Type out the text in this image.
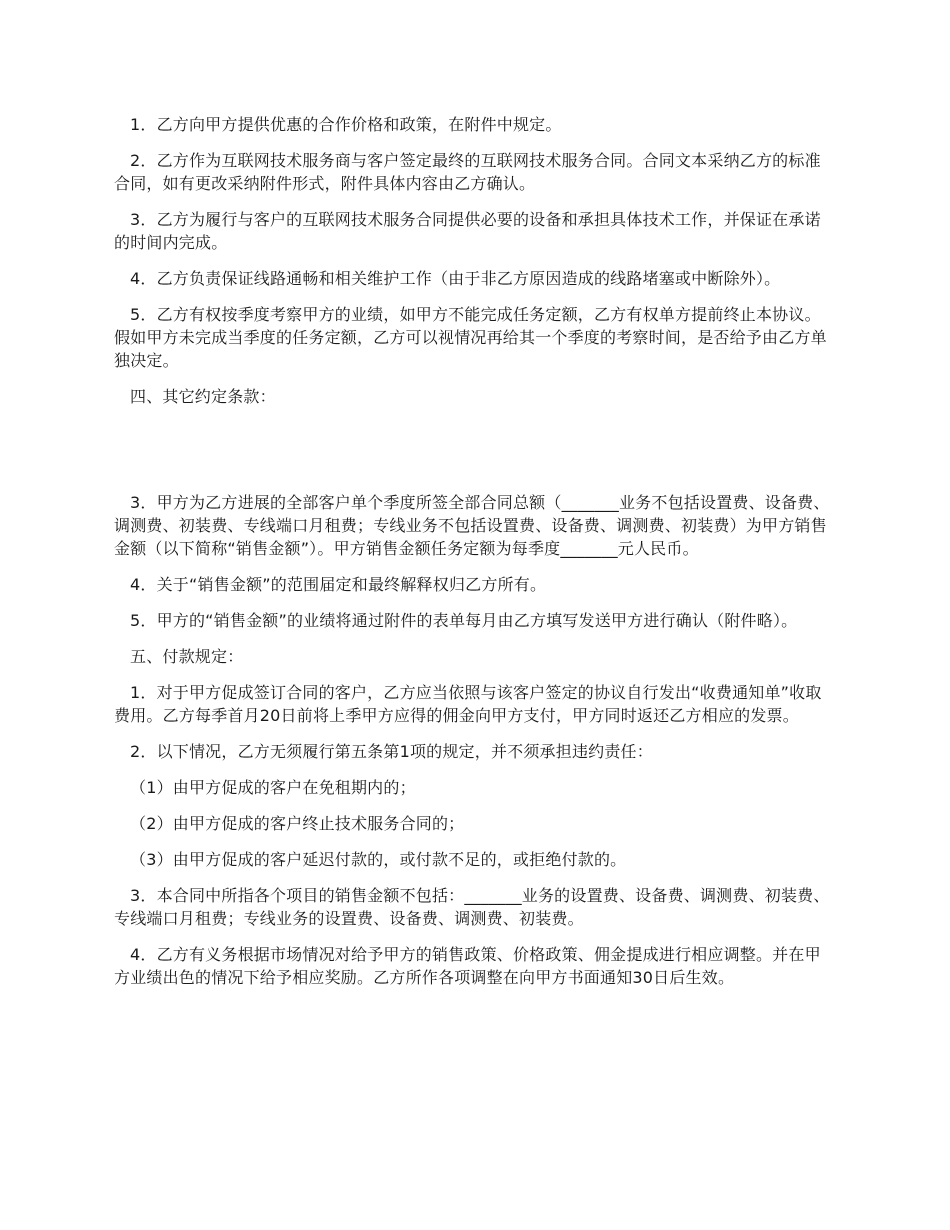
1．乙方向甲方提供优惠的合作价格和政策，在附件中规定。

2．乙方作为互联网技术服务商与客户签定最终的互联网技术服务合同。合同文本采纳乙方的标准合同，如有更改采纳附件形式，附件具体内容由乙方确认。

3．乙方为履行与客户的互联网技术服务合同提供必要的设备和承担具体技术工作，并保证在承诺的时间内完成。

4．乙方负责保证线路通畅和相关维护工作（由于非乙方原因造成的线路堵塞或中断除外）。

5．乙方有权按季度考察甲方的业绩，如甲方不能完成任务定额，乙方有权单方提前终止本协议。假如甲方未完成当季度的任务定额，乙方可以视情况再给其一个季度的考察时间，是否给予由乙方单独决定。

四、其它约定条款：

3．甲方为乙方进展的全部客户单个季度所签全部合同总额（_______业务不包括设置费、设备费、调测费、初装费、专线端口月租费；专线业务不包括设置费、设备费、调测费、初装费）为甲方销售金额（以下简称“销售金额”）。甲方销售金额任务定额为每季度_______元人民币。

4．关于“销售金额”的范围届定和最终解释权归乙方所有。

5．甲方的“销售金额”的业绩将通过附件的表单每月由乙方填写发送甲方进行确认（附件略）。

五、付款规定：

1．对于甲方促成签订合同的客户，乙方应当依照与该客户签定的协议自行发出“收费通知单”收取费用。乙方每季首月20日前将上季甲方应得的佣金向甲方支付，甲方同时返还乙方相应的发票。

2．以下情况，乙方无须履行第五条第1项的规定，并不须承担违约责任：

（1）由甲方促成的客户在免租期内的；

（2）由甲方促成的客户终止技术服务合同的；

（3）由甲方促成的客户延迟付款的，或付款不足的，或拒绝付款的。

3．本合同中所指各个项目的销售金额不包括：_______业务的设置费、设备费、调测费、初装费、专线端口月租费；专线业务的设置费、设备费、调测费、初装费。

4．乙方有义务根据市场情况对给予甲方的销售政策、价格政策、佣金提成进行相应调整。并在甲方业绩出色的情况下给予相应奖励。乙方所作各项调整在向甲方书面通知30日后生效。
